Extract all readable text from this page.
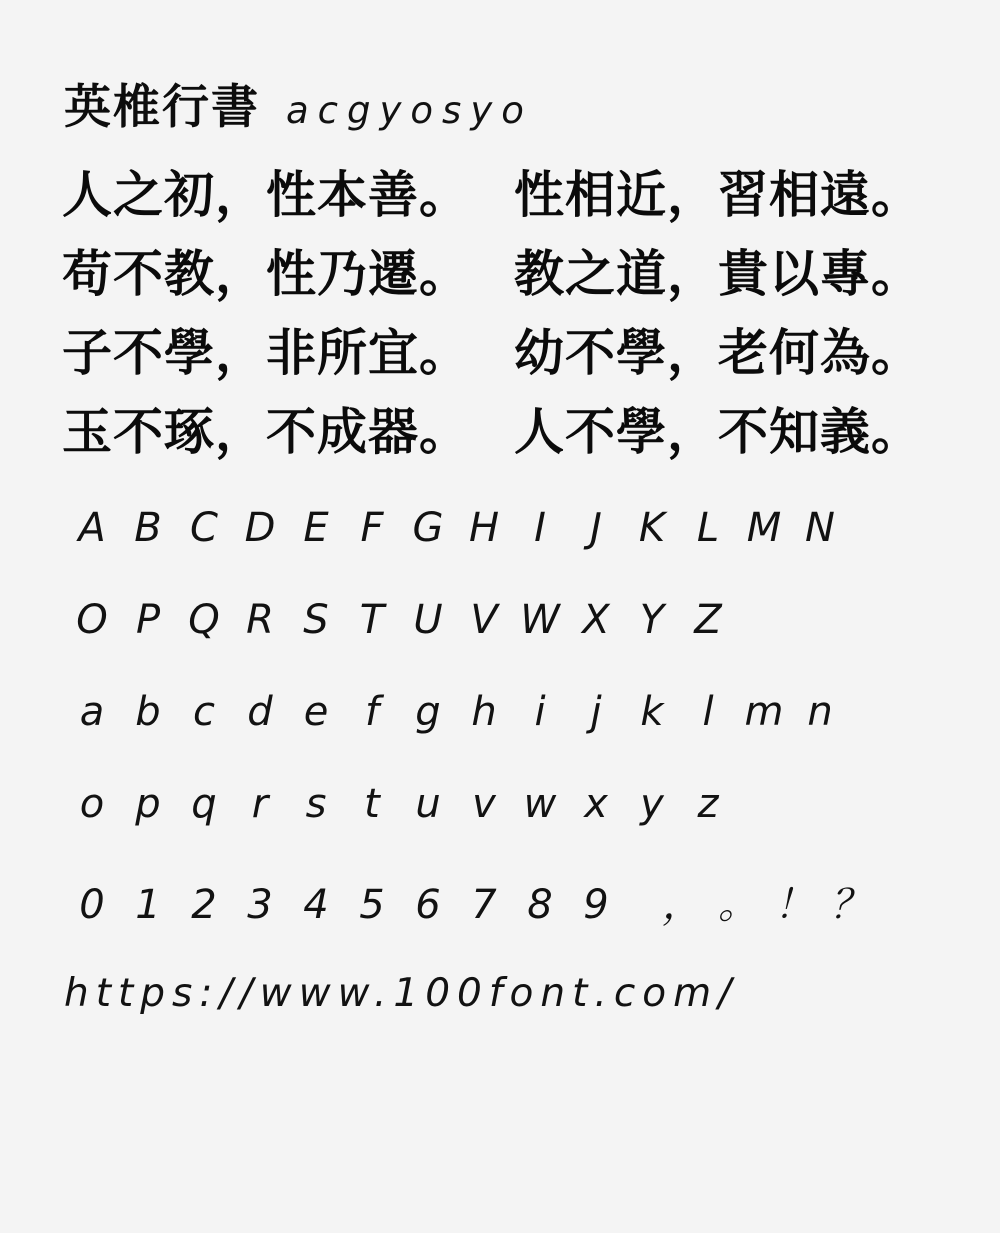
英椎行書 acgyosyo
人之初，性本善。 性相近，習相遠。
苟不教，性乃遷。 教之道，貴以專。
子不學，非所宜。 幼不學，老何為。
玉不琢，不成器。 人不學，不知義。
A B C D E F G H I	J K L M N
O P Q R S T U V W X Y Z
a b c d e f g h i	j k l m n
o p q r s t u v w x y z
0 1 2 3 4 5 6 7 8 9	， 。 ！ ？
https://www.100font.com/
